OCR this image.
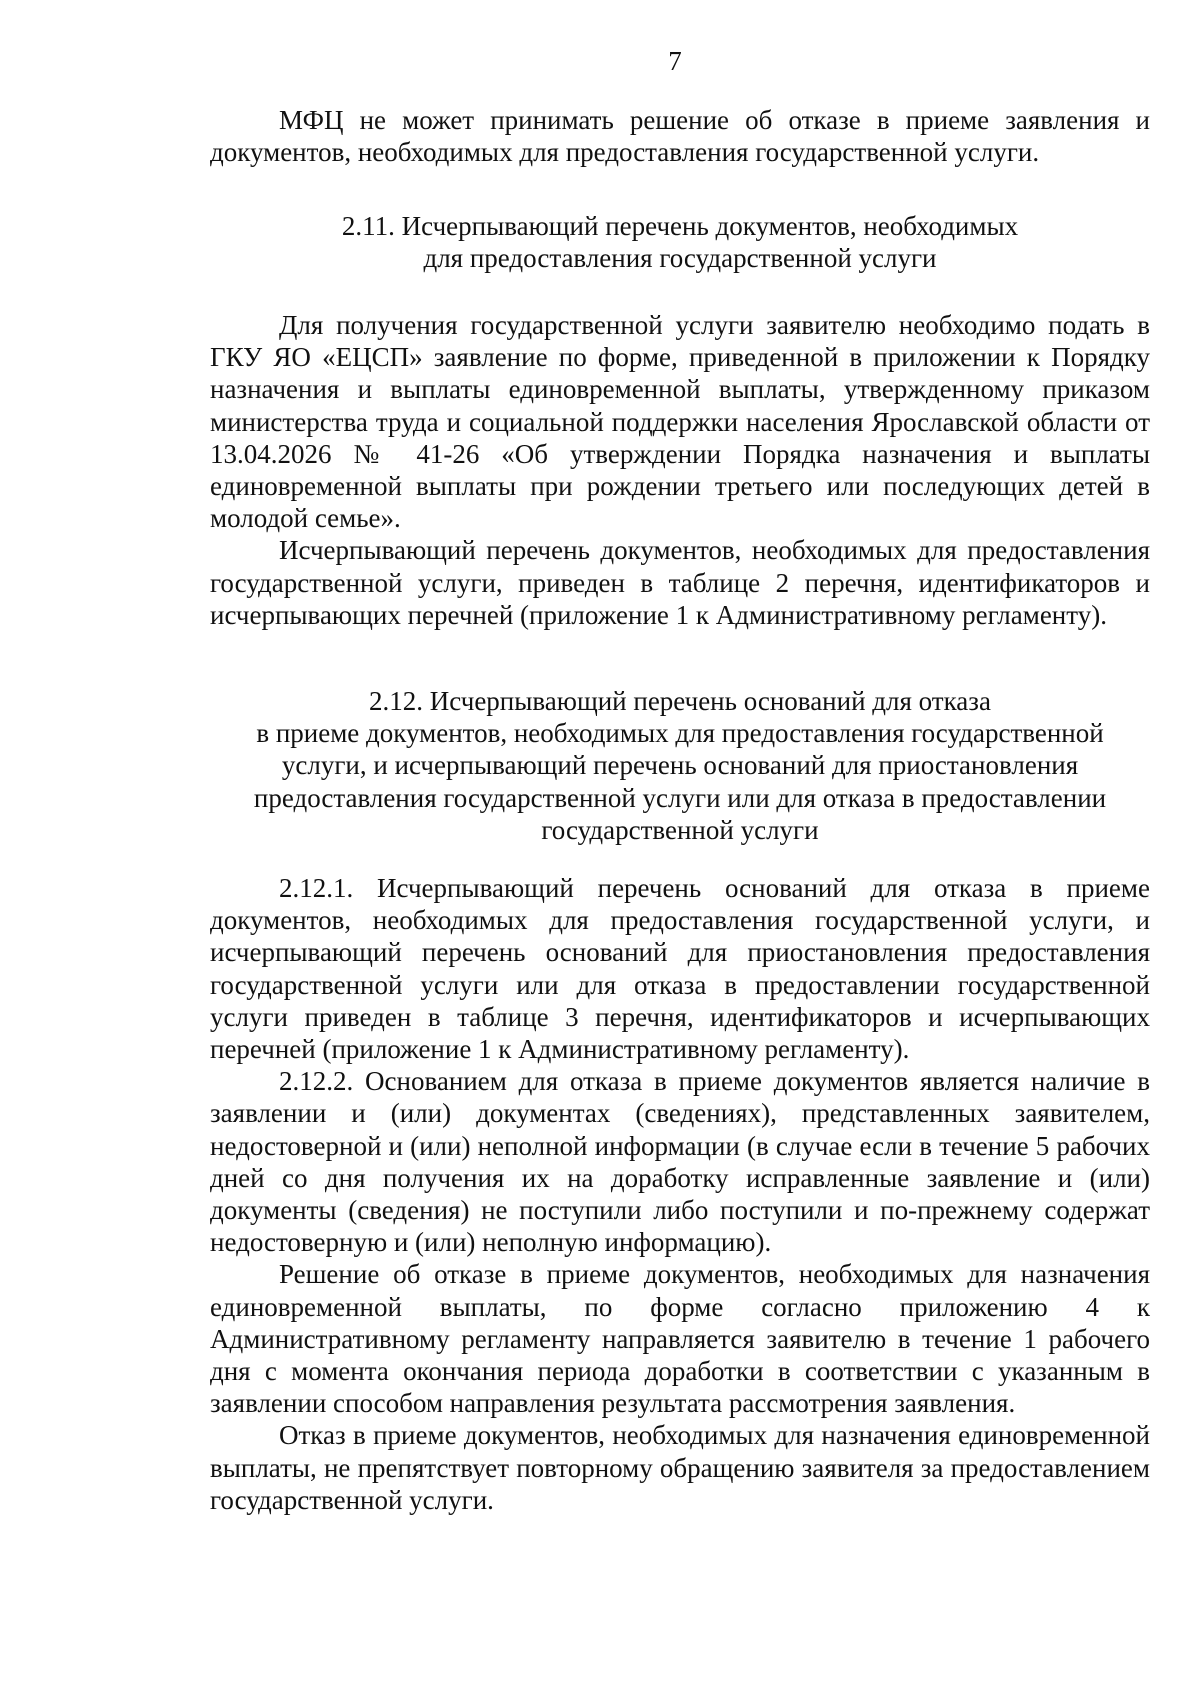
7

МФЦ не может принимать решение об отказе в приеме заявления и документов, необходимых для предоставления государственной услуги.

2.11. Исчерпывающий перечень документов, необходимых

для предоставления государственной услуги

Для получения государственной услуги заявителю необходимо подать в ГКУ ЯО «ЕЦСП» заявление по форме, приведенной в приложении к Порядку назначения и выплаты единовременной выплаты, утвержденному приказом министерства труда и социальной поддержки населения Ярославской области от 13.04.2026 № 41-26 «Об утверждении Порядка назначения и выплаты единовременной выплаты при рождении третьего или последующих детей в молодой семье».

Исчерпывающий перечень документов, необходимых для предоставления государственной услуги, приведен в таблице 2 перечня, идентификаторов и исчерпывающих перечней (приложение 1 к Административному регламенту).

2.12. Исчерпывающий перечень оснований для отказа

в приеме документов, необходимых для предоставления государственной

услуги, и исчерпывающий перечень оснований для приостановления

предоставления государственной услуги или для отказа в предоставлении

государственной услуги

2.12.1. Исчерпывающий перечень оснований для отказа в приеме документов, необходимых для предоставления государственной услуги, и исчерпывающий перечень оснований для приостановления предоставления государственной услуги или для отказа в предоставлении государственной услуги приведен в таблице 3 перечня, идентификаторов и исчерпывающих перечней (приложение 1 к Административному регламенту).

2.12.2. Основанием для отказа в приеме документов является наличие в заявлении и (или) документах (сведениях), представленных заявителем, недостоверной и (или) неполной информации (в случае если в течение 5 рабочих дней со дня получения их на доработку исправленные заявление и (или) документы (сведения) не поступили либо поступили и по-прежнему содержат недостоверную и (или) неполную информацию).

Решение об отказе в приеме документов, необходимых для назначения единовременной выплаты, по форме согласно приложению 4 к Административному регламенту направляется заявителю в течение 1 рабочего дня с момента окончания периода доработки в соответствии с указанным в заявлении способом направления результата рассмотрения заявления.

Отказ в приеме документов, необходимых для назначения единовременной выплаты, не препятствует повторному обращению заявителя за предоставлением государственной услуги.
